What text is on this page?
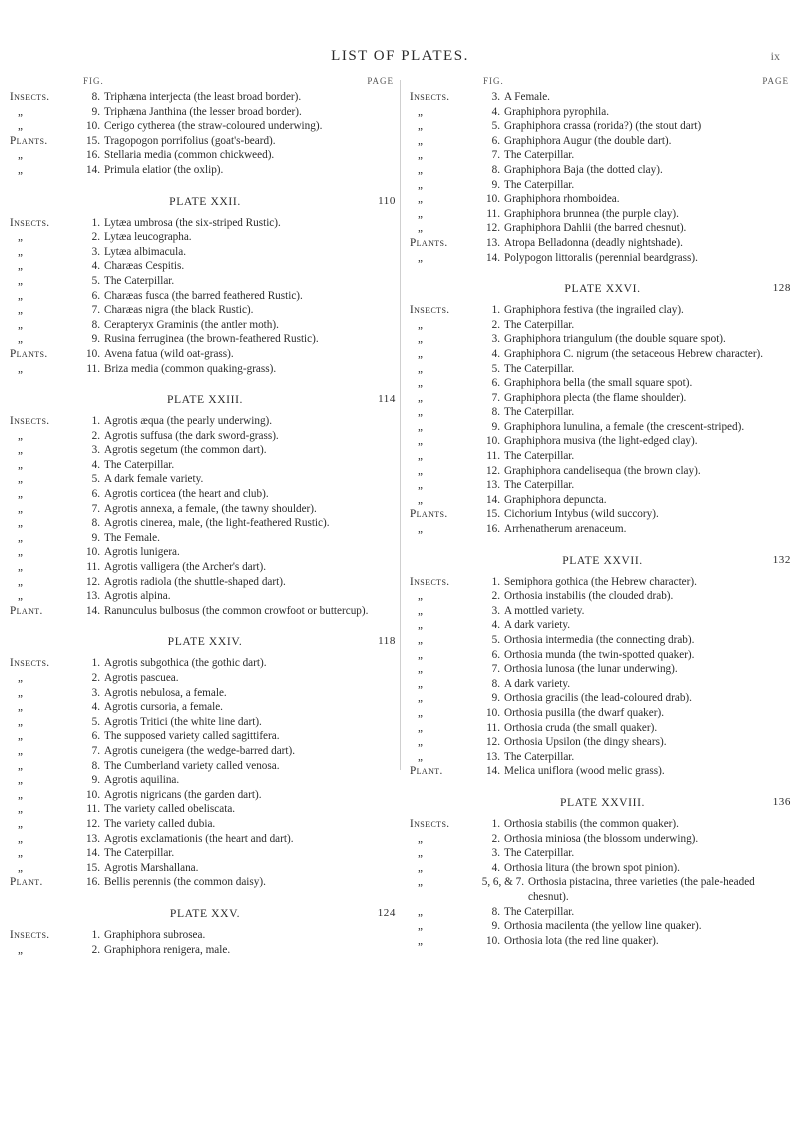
LIST OF PLATES.	ix
FIG.	PAGE
Insects.	8. Triphæna interjecta (the least broad border).
„	9. Triphæna Janthina (the lesser broad border).
„	10. Cerigo cytherea (the straw-coloured underwing).
Plants.	15. Tragopogon porrifolius (goat's-beard).
„	16. Stellaria media (common chickweed).
„	14. Primula elatior (the oxlip).
PLATE XXII.	110
Insects.	1. Lytæa umbrosa (the six-striped Rustic).
„	2. Lytæa leucographa.
„	3. Lytæa albimacula.
„	4. Charæas Cespitis.
„	5. The Caterpillar.
„	6. Charæas fusca (the barred feathered Rustic).
„	7. Charæas nigra (the black Rustic).
„	8. Cerapteryx Graminis (the antler moth).
„	9. Rusina ferruginea (the brown-feathered Rustic).
Plants.	10. Avena fatua (wild oat-grass).
„	11. Briza media (common quaking-grass).
PLATE XXIII.	114
Insects.	1. Agrotis æqua (the pearly underwing).
„	2. Agrotis suffusa (the dark sword-grass).
„	3. Agrotis segetum (the common dart).
„	4. The Caterpillar.
„	5. A dark female variety.
„	6. Agrotis corticea (the heart and club).
„	7. Agrotis annexa, a female, (the tawny shoulder).
„	8. Agrotis cinerea, male, (the light-feathered Rustic).
„	9. The Female.
„	10. Agrotis lunigera.
„	11. Agrotis valligera (the Archer's dart).
„	12. Agrotis radiola (the shuttle-shaped dart).
„	13. Agrotis alpina.
Plant.	14. Ranunculus bulbosus (the common crowfoot or buttercup).
PLATE XXIV.	118
Insects.	1. Agrotis subgothica (the gothic dart).
„	2. Agrotis pascuea.
„	3. Agrotis nebulosa, a female.
„	4. Agrotis cursoria, a female.
„	5. Agrotis Tritici (the white line dart).
„	6. The supposed variety called sagittifera.
„	7. Agrotis cuneigera (the wedge-barred dart).
„	8. The Cumberland variety called venosa.
„	9. Agrotis aquilina.
„	10. Agrotis nigricans (the garden dart).
„	11. The variety called obeliscata.
„	12. The variety called dubia.
„	13. Agrotis exclamationis (the heart and dart).
„	14. The Caterpillar.
„	15. Agrotis Marshallana.
Plant.	16. Bellis perennis (the common daisy).
PLATE XXV.	124
Insects.	1. Graphiphora subrosea.
„	2. Graphiphora renigera, male.
FIG.	PAGE
Insects.	3. A Female.
„	4. Graphiphora pyrophila.
„	5. Graphiphora crassa (rorida?) (the stout dart)
„	6. Graphiphora Augur (the double dart).
„	7. The Caterpillar.
„	8. Graphiphora Baja (the dotted clay).
„	9. The Caterpillar.
„	10. Graphiphora rhomboidea.
„	11. Graphiphora brunnea (the purple clay).
„	12. Graphiphora Dahlii (the barred chesnut).
Plants.	13. Atropa Belladonna (deadly nightshade).
„	14. Polypogon littoralis (perennial beardgrass).
PLATE XXVI.	128
Insects.	1. Graphiphora festiva (the ingrailed clay).
„	2. The Caterpillar.
„	3. Graphiphora triangulum (the double square spot).
„	4. Graphiphora C. nigrum (the setaceous Hebrew character).
„	5. The Caterpillar.
„	6. Graphiphora bella (the small square spot).
„	7. Graphiphora plecta (the flame shoulder).
„	8. The Caterpillar.
„	9. Graphiphora lunulina, a female (the crescent-striped).
„	10. Graphiphora musiva (the light-edged clay).
„	11. The Caterpillar.
„	12. Graphiphora candelisequa (the brown clay).
„	13. The Caterpillar.
„	14. Graphiphora depuncta.
Plants.	15. Cichorium Intybus (wild succory).
„	16. Arrhenatherum arenaceum.
PLATE XXVII.	132
Insects.	1. Semiphora gothica (the Hebrew character).
„	2. Orthosia instabilis (the clouded drab).
„	3. A mottled variety.
„	4. A dark variety.
„	5. Orthosia intermedia (the connecting drab).
„	6. Orthosia munda (the twin-spotted quaker).
„	7. Orthosia lunosa (the lunar underwing).
„	8. A dark variety.
„	9. Orthosia gracilis (the lead-coloured drab).
„	10. Orthosia pusilla (the dwarf quaker).
„	11. Orthosia cruda (the small quaker).
„	12. Orthosia Upsilon (the dingy shears).
„	13. The Caterpillar.
Plant.	14. Melica uniflora (wood melic grass).
PLATE XXVIII.	136
Insects.	1. Orthosia stabilis (the common quaker).
„	2. Orthosia miniosa (the blossom underwing).
„	3. The Caterpillar.
„	4. Orthosia litura (the brown spot pinion).
„	5, 6, & 7. Orthosia pistacina, three varieties (the pale-headed chesnut).
„	8. The Caterpillar.
„	9. Orthosia macilenta (the yellow line quaker).
„	10. Orthosia lota (the red line quaker).
